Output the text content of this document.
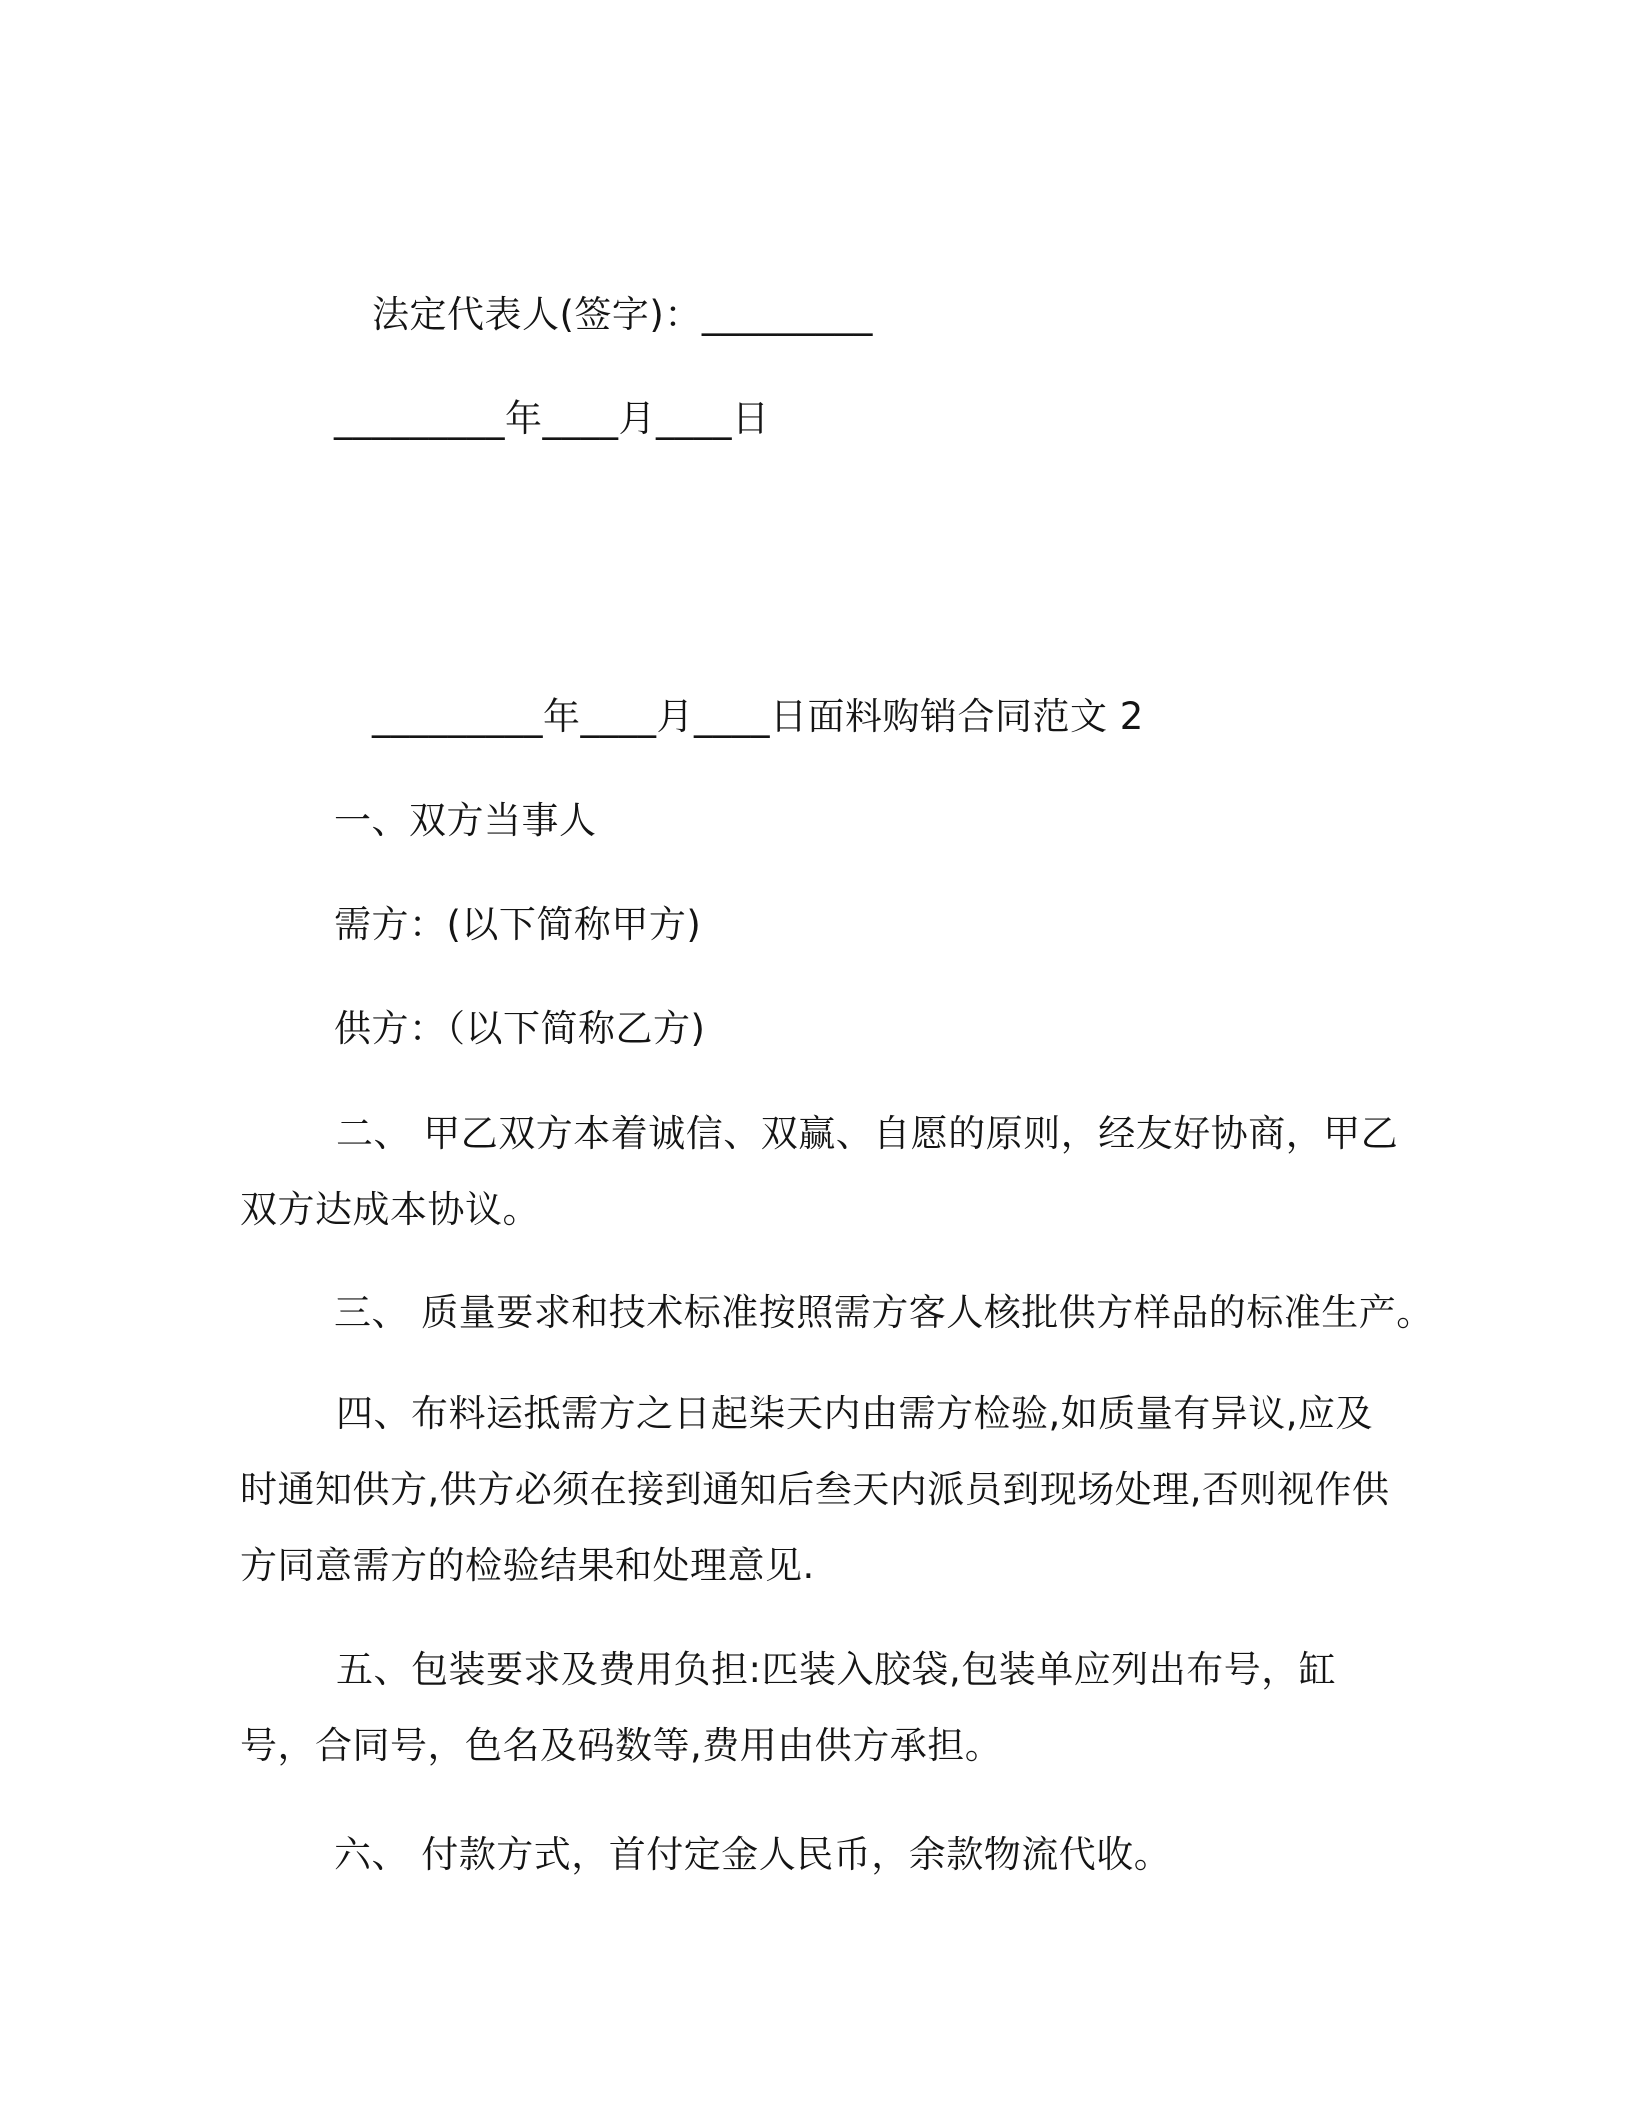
法定代表人(签字)：_________
_________年____月____日
_________年____月____日面料购销合同范文 2
一、双方当事人
需方：(以下简称甲方)
供方：（以下简称乙方)
二、 甲乙双方本着诚信、双赢、自愿的原则，经友好协商，甲乙双方达成本协议。
三、 质量要求和技术标准按照需方客人核批供方样品的标准生产。
四、布料运抵需方之日起柒天内由需方检验,如质量有异议,应及时通知供方,供方必须在接到通知后叁天内派员到现场处理,否则视作供方同意需方的检验结果和处理意见.
五、包装要求及费用负担:匹装入胶袋,包装单应列出布号，缸号，合同号，色名及码数等,费用由供方承担。
六、 付款方式，首付定金人民币，余款物流代收。
